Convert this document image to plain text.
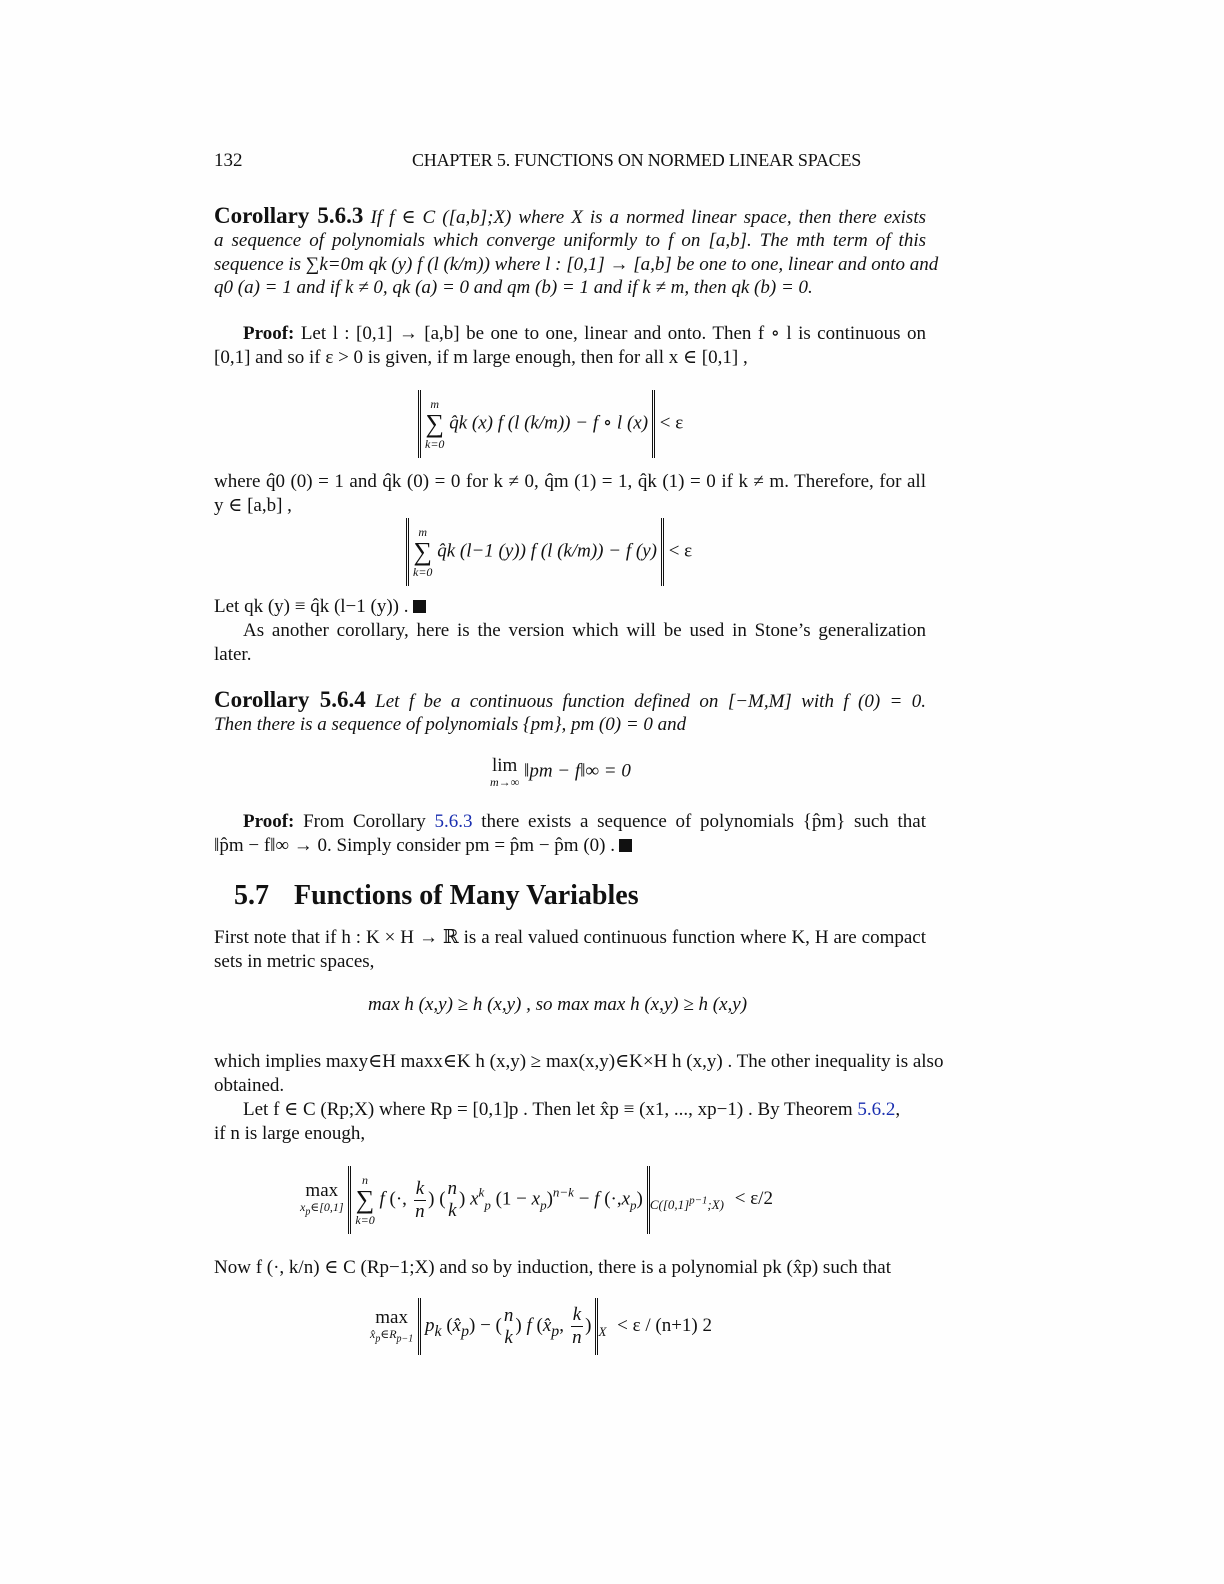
132	CHAPTER 5. FUNCTIONS ON NORMED LINEAR SPACES
Corollary 5.6.3 If f ∈ C ([a,b];X) where X is a normed linear space, then there exists
a sequence of polynomials which converge uniformly to f on [a,b]. The mth term of this
sequence is ∑k=0m qk (y) f (l (k/m)) where l : [0,1] → [a,b] be one to one, linear and onto and
q0 (a) = 1 and if k ≠ 0, qk (a) = 0 and qm (b) = 1 and if k ≠ m, then qk (b) = 0.
Proof: Let l : [0,1] → [a,b] be one to one, linear and onto. Then f ∘ l is continuous on
[0,1] and so if ε > 0 is given, if m large enough, then for all x ∈ [0,1] ,
m
∑
k=0
q̂k (x) f (l (k/m)) − f ∘ l (x) < ε
where q̂0 (0) = 1 and q̂k (0) = 0 for k ≠ 0, q̂m (1) = 1, q̂k (1) = 0 if k ≠ m. Therefore, for all
y ∈ [a,b] ,
m
∑
k=0
q̂k (l−1 (y)) f (l (k/m)) − f (y) < ε
Let qk (y) ≡ q̂k (l−1 (y)) .
As another corollary, here is the version which will be used in Stone’s generalization
later.
Corollary 5.6.4 Let f be a continuous function defined on [−M,M] with f (0) = 0.
Then there is a sequence of polynomials {pm}, pm (0) = 0 and
lim
m→∞
‖pm − f‖∞ = 0
Proof: From Corollary 5.6.3 there exists a sequence of polynomials {p̂m} such that
‖p̂m − f‖∞ → 0. Simply consider pm = p̂m − p̂m (0) .
5.7 Functions of Many Variables
First note that if h : K × H → ℝ is a real valued continuous function where K, H are compact
sets in metric spaces,
max h (x,y) ≥ h (x,y) , so max max h (x,y) ≥ h (x,y)
which implies maxy∈H maxx∈K h (x,y) ≥ max(x,y)∈K×H h (x,y) . The other inequality is also
obtained.
Let f ∈ C (Rp;X) where Rp = [0,1]p . Then let x̂p ≡ (x1, ..., xp−1) . By Theorem 5.6.2,
if n is large enough,
max
$x_p\in[0,1]$

n
∑
k=0
f (·, $\frac{k}{n}$ ) ( n
k
) $x^k_p$ $(1 - x_p)^{n-k} - f$ $(\cdot,x_p)_{C([0,1]^{p-1};X)} < \varepsilon/2$
Now f (·, k/n) ∈ C (Rp−1;X) and so by induction, there is a polynomial pk (x̂p) such that
max
$x̂_p\in R_{p-1}$
$p_k$ $(x̂_p)$ − ( n
k
) f ($x̂_p$, $\frac{k}{n} )_X < \varepsilon / (n+1)$ 2
